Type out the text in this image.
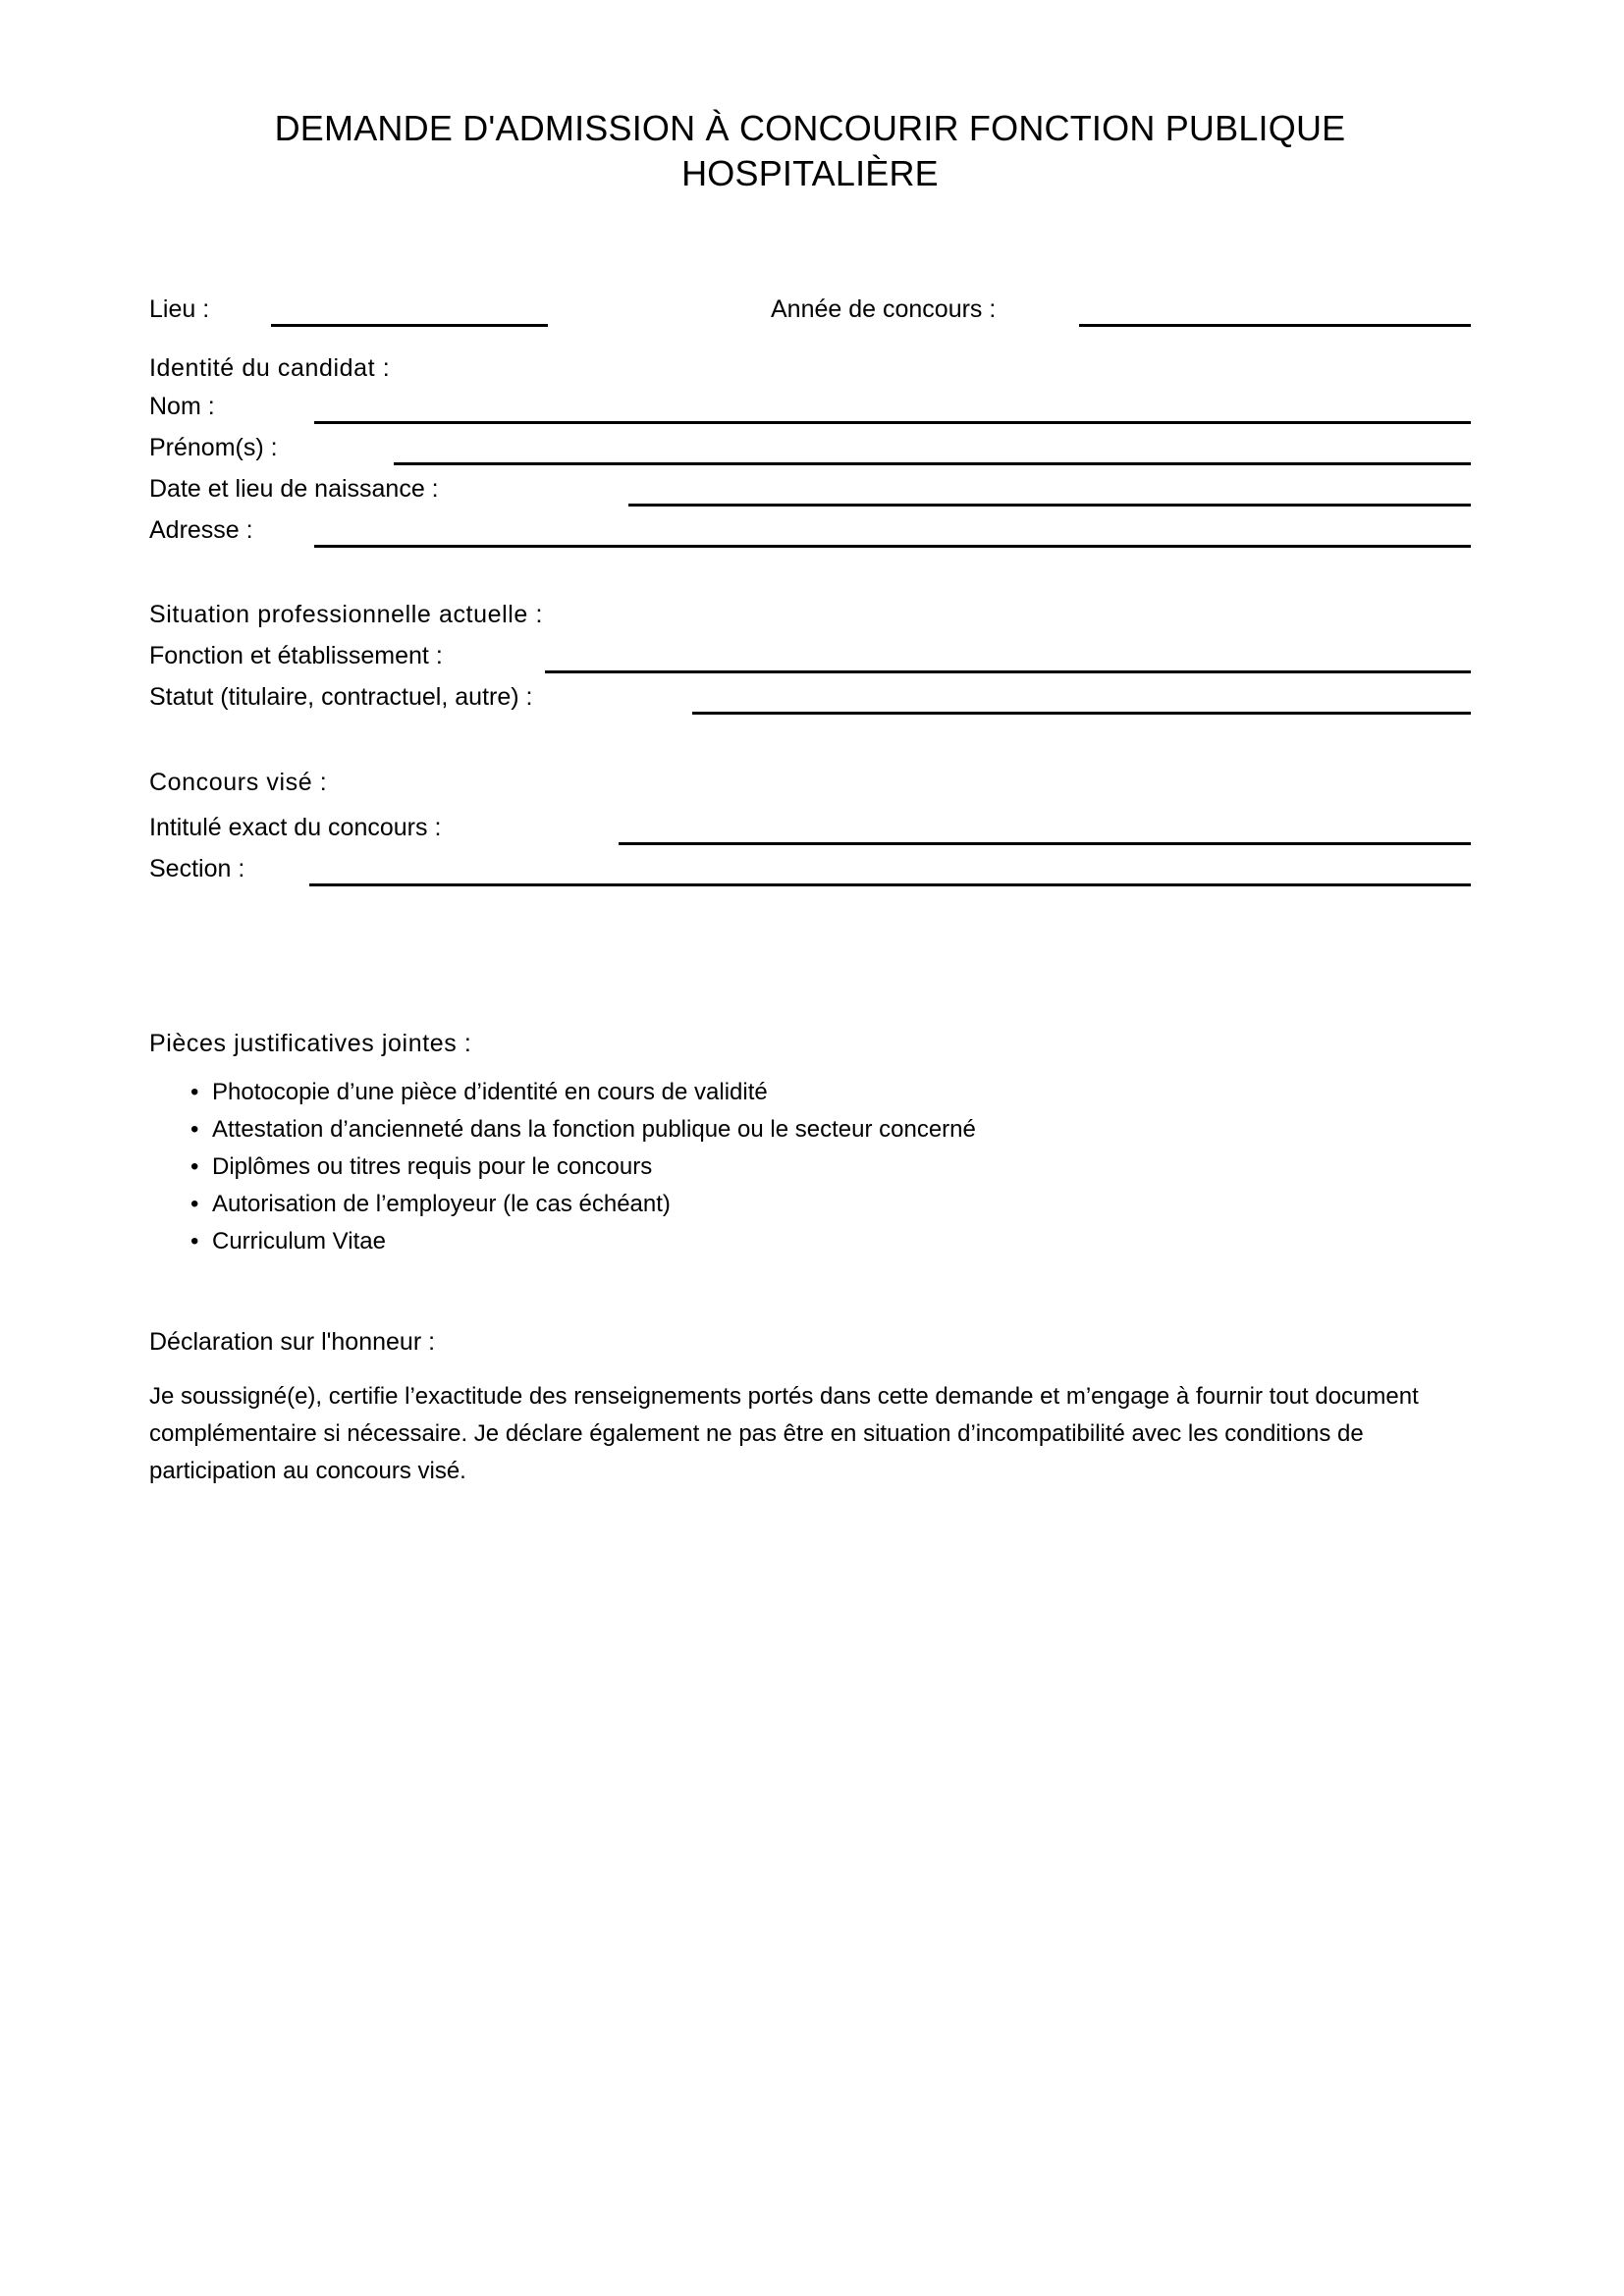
DEMANDE D'ADMISSION À CONCOURIR FONCTION PUBLIQUE HOSPITALIÈRE
Lieu :	Année de concours :
Identité du candidat :
Nom :
Prénom(s) :
Date et lieu de naissance :
Adresse :
Situation professionnelle actuelle :
Fonction et établissement :
Statut (titulaire, contractuel, autre) :
Concours visé :
Intitulé exact du concours :
Section :
Pièces justificatives jointes :
• Photocopie d’une pièce d’identité en cours de validité
• Attestation d’ancienneté dans la fonction publique ou le secteur concerné
• Diplômes ou titres requis pour le concours
• Autorisation de l’employeur (le cas échéant)
• Curriculum Vitae
Déclaration sur l'honneur :
Je soussigné(e), certifie l’exactitude des renseignements portés dans cette demande et m’engage à fournir tout document complémentaire si nécessaire. Je déclare également ne pas être en situation d’incompatibilité avec les conditions de participation au concours visé.
